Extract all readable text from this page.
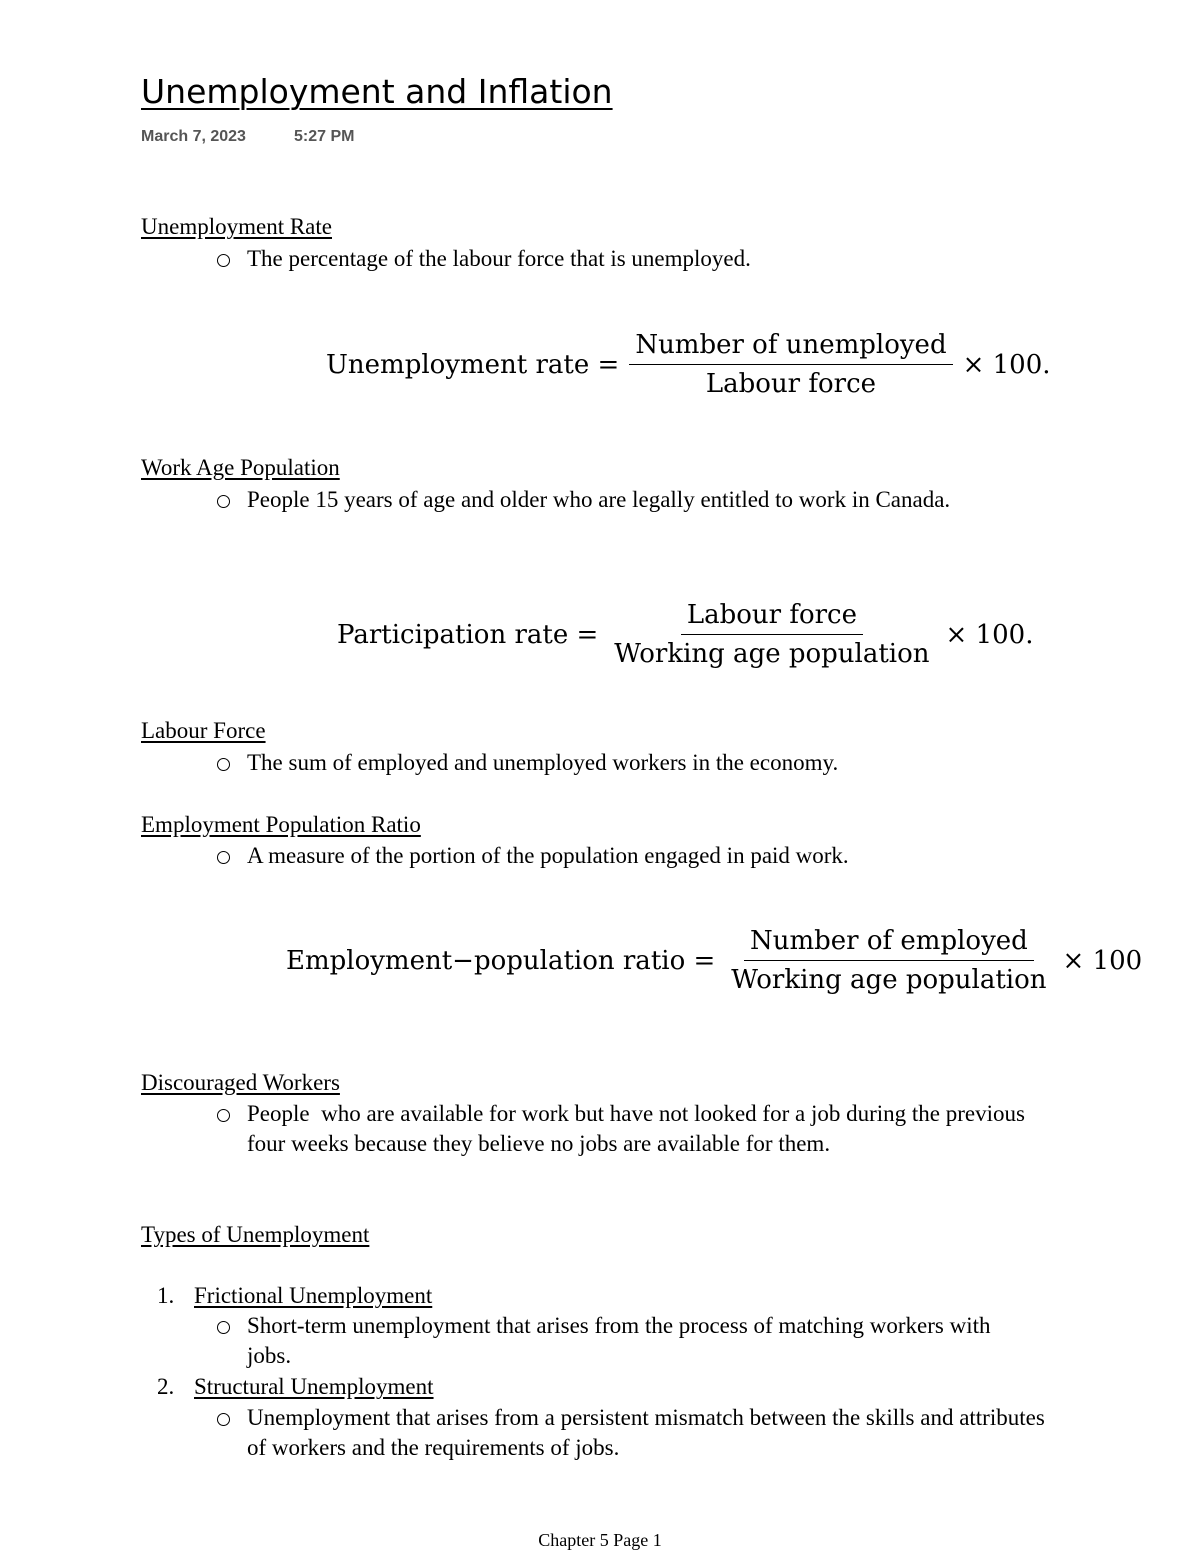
Unemployment and Inflation
March 7, 2023	5:27 PM
Unemployment Rate
The percentage of the labour force that is unemployed.
Unemployment rate = $\frac{\text{Number of unemployed}}{\text{Labour force}} \times 100$.
Work Age Population
People 15 years of age and older who are legally entitled to work in Canada.
Participation rate = $\frac{\text{Labour force}}{\text{Working age population}} \times 100$.
Labour Force
The sum of employed and unemployed workers in the economy.
Employment Population Ratio
A measure of the portion of the population engaged in paid work.
Employment−population ratio = $\frac{\text{Number of employed}}{\text{Working age population}} \times 100$
Discouraged Workers
People  who are available for work but have not looked for a job during the previous four weeks because they believe no jobs are available for them.
Types of Unemployment
1. Frictional Unemployment
Short-term unemployment that arises from the process of matching workers with jobs.
2. Structural Unemployment
Unemployment that arises from a persistent mismatch between the skills and attributes of workers and the requirements of jobs.
Chapter 5 Page 1
